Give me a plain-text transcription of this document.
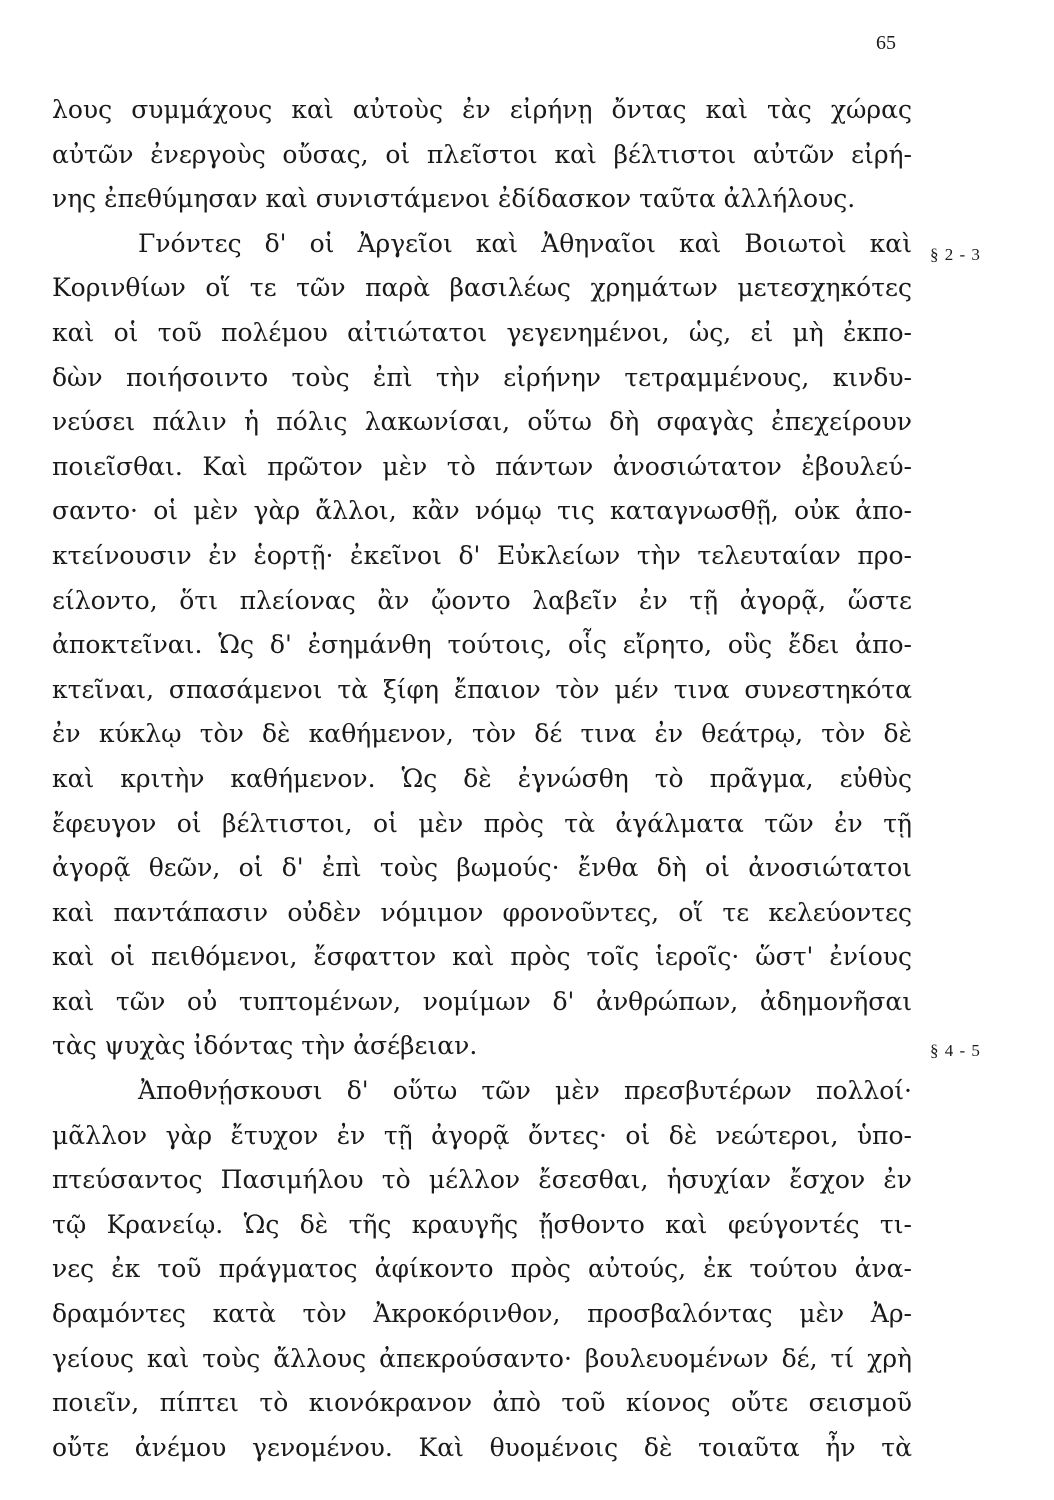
65
§ 2 - 3
§ 4 - 5
λους συμμάχους καὶ αὐτοὺς ἐν εἰρήνῃ ὄντας καὶ τὰς χώρας
αὐτῶν ἐνεργοὺς οὔσας, οἱ πλεῖστοι καὶ βέλτιστοι αὐτῶν εἰρή-
νης ἐπεθύμησαν καὶ συνιστάμενοι ἐδίδασκον ταῦτα ἀλλήλους.
Γνόντες δ' οἱ Ἀργεῖοι καὶ Ἀθηναῖοι καὶ Βοιωτοὶ καὶ
Κορινθίων οἵ τε τῶν παρὰ βασιλέως χρημάτων μετεσχηκότες
καὶ οἱ τοῦ πολέμου αἰτιώτατοι γεγενημένοι, ὡς, εἰ μὴ ἐκπο-
δὼν ποιήσοιντο τοὺς ἐπὶ τὴν εἰρήνην τετραμμένους, κινδυ-
νεύσει πάλιν ἡ πόλις λακωνίσαι, οὕτω δὴ σφαγὰς ἐπεχείρουν
ποιεῖσθαι. Καὶ πρῶτον μὲν τὸ πάντων ἀνοσιώτατον ἐβουλεύ-
σαντο· οἱ μὲν γὰρ ἄλλοι, κἂν νόμῳ τις καταγνωσθῇ, οὐκ ἀπο-
κτείνουσιν ἐν ἑορτῇ· ἐκεῖνοι δ' Εὐκλείων τὴν τελευταίαν προ-
είλοντο, ὅτι πλείονας ἂν ᾤοντο λαβεῖν ἐν τῇ ἀγορᾷ, ὥστε
ἀποκτεῖναι. Ὡς δ' ἐσημάνθη τούτοις, οἷς εἴρητο, οὓς ἔδει ἀπο-
κτεῖναι, σπασάμενοι τὰ ξίφη ἔπαιον τὸν μέν τινα συνεστηκότα
ἐν κύκλῳ τὸν δὲ καθήμενον, τὸν δέ τινα ἐν θεάτρῳ, τὸν δὲ
καὶ κριτὴν καθήμενον. Ὡς δὲ ἐγνώσθη τὸ πρᾶγμα, εὐθὺς
ἔφευγον οἱ βέλτιστοι, οἱ μὲν πρὸς τὰ ἀγάλματα τῶν ἐν τῇ
ἀγορᾷ θεῶν, οἱ δ' ἐπὶ τοὺς βωμούς· ἔνθα δὴ οἱ ἀνοσιώτατοι
καὶ παντάπασιν οὐδὲν νόμιμον φρονοῦντες, οἵ τε κελεύοντες
καὶ οἱ πειθόμενοι, ἔσφαττον καὶ πρὸς τοῖς ἱεροῖς· ὥστ' ἐνίους
καὶ τῶν οὐ τυπτομένων, νομίμων δ' ἀνθρώπων, ἀδημονῆσαι
τὰς ψυχὰς ἰδόντας τὴν ἀσέβειαν.
Ἀποθνῄσκουσι δ' οὕτω τῶν μὲν πρεσβυτέρων πολλοί·
μᾶλλον γὰρ ἔτυχον ἐν τῇ ἀγορᾷ ὄντες· οἱ δὲ νεώτεροι, ὑπο-
πτεύσαντος Πασιμήλου τὸ μέλλον ἔσεσθαι, ἡσυχίαν ἔσχον ἐν
τῷ Κρανείῳ. Ὡς δὲ τῆς κραυγῆς ᾔσθοντο καὶ φεύγοντές τι-
νες ἐκ τοῦ πράγματος ἀφίκοντο πρὸς αὐτούς, ἐκ τούτου ἀνα-
δραμόντες κατὰ τὸν Ἀκροκόρινθον, προσβαλόντας μὲν Ἀρ-
γείους καὶ τοὺς ἄλλους ἀπεκρούσαντο· βουλευομένων δέ, τί χρὴ
ποιεῖν, πίπτει τὸ κιονόκρανον ἀπὸ τοῦ κίονος οὔτε σεισμοῦ
οὔτε ἀνέμου γενομένου. Καὶ θυομένοις δὲ τοιαῦτα ἦν τὰ
